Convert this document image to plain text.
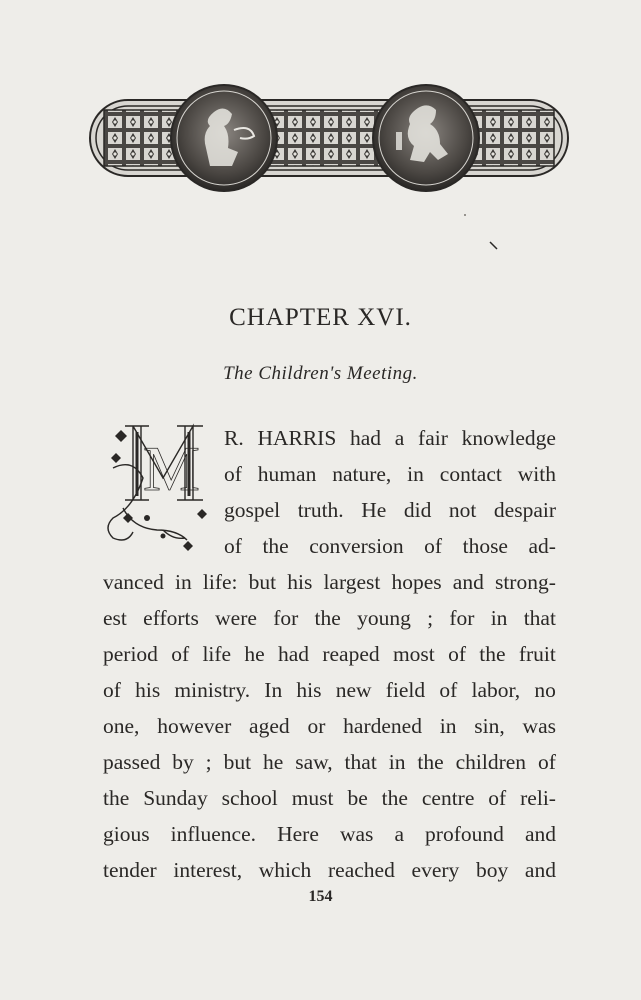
CHAPTER XVI.
The Children's Meeting.
M R. HARRIS had a fair knowledge
of human nature, in contact with
gospel truth. He did not despair
of the conversion of those ad-
vanced in life: but his largest hopes and strong-
est efforts were for the young ; for in that
period of life he had reaped most of the fruit
of his ministry. In his new field of labor, no
one, however aged or hardened in sin, was
passed by ; but he saw, that in the children of
the Sunday school must be the centre of reli-
gious influence. Here was a profound and
tender interest, which reached every boy and
154
